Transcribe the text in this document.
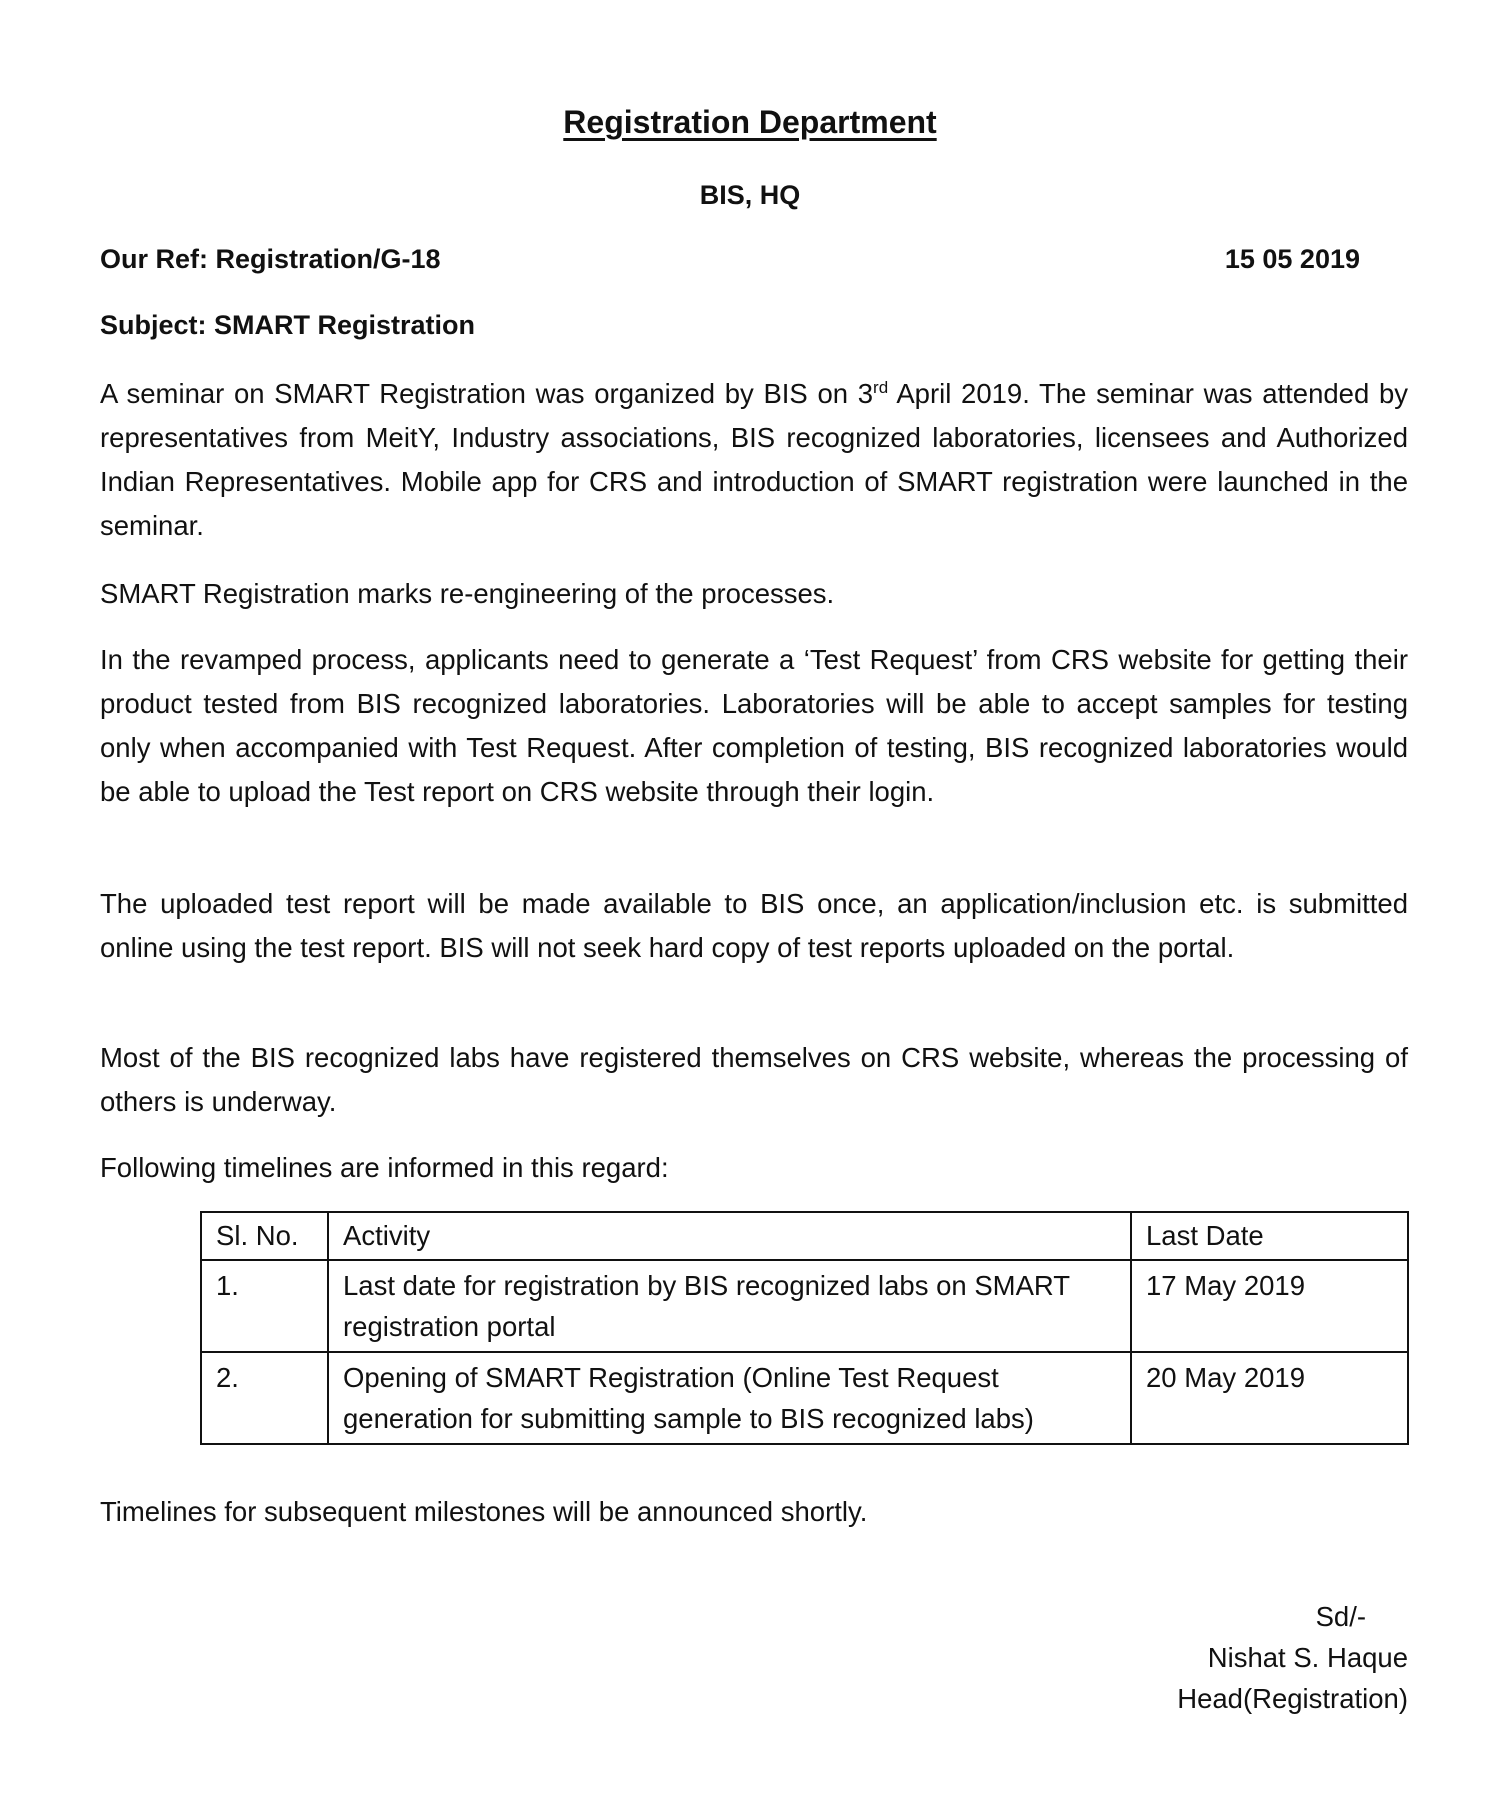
Registration Department
BIS, HQ
Our Ref: Registration/G-18	15 05 2019
Subject: SMART Registration
A seminar on SMART Registration was organized by BIS on 3rd April 2019. The seminar was attended by representatives from MeitY, Industry associations, BIS recognized laboratories, licensees and Authorized Indian Representatives. Mobile app for CRS and introduction of SMART registration were launched in the seminar.
SMART Registration marks re-engineering of the processes.
In the revamped process, applicants need to generate a ‘Test Request’ from CRS website for getting their product tested from BIS recognized laboratories. Laboratories will be able to accept samples for testing only when accompanied with Test Request. After completion of testing, BIS recognized laboratories would be able to upload the Test report on CRS website through their login.
The uploaded test report will be made available to BIS once, an application/inclusion etc. is submitted online using the test report. BIS will not seek hard copy of test reports uploaded on the portal.
Most of the BIS recognized labs have registered themselves on CRS website, whereas the processing of others is underway.
Following timelines are informed in this regard:
Sl. No.	Activity	Last Date
1.	Last date for registration by BIS recognized labs on SMART registration portal	17 May 2019
2.	Opening of SMART Registration (Online Test Request generation for submitting sample to BIS recognized labs)	20 May 2019
Timelines for subsequent milestones will be announced shortly.
Sd/-
Nishat S. Haque
Head(Registration)
